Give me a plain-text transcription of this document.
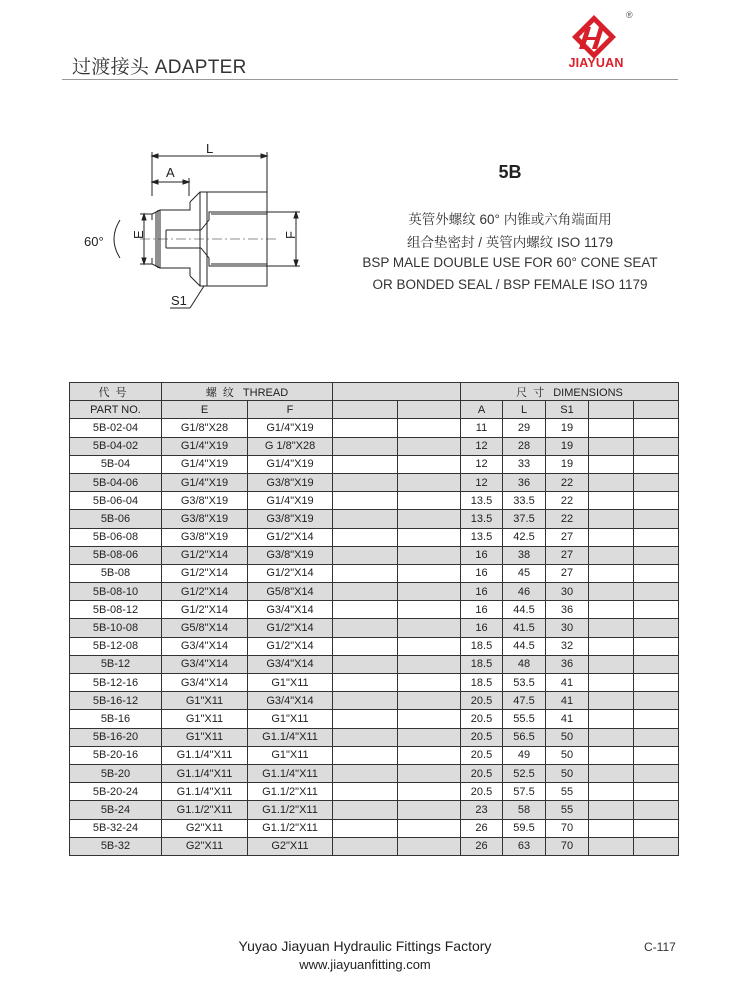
过渡接头 ADAPTER
®
JIAYUAN
L
A
E	F
60°
S1
5B
英管外螺纹 60° 内锥或六角端面用
组合垫密封 / 英管内螺纹 ISO 1179
BSP MALE DOUBLE USE FOR 60° CONE SEAT
OR BONDED SEAL / BSP FEMALE ISO 1179
代号	螺纹 THREAD				尺寸 DIMENSIONS				
PART NO.	E	F			A	L	S1		
5B-02-04	G1/8"X28	G1/4"X19			11	29	19		
5B-04-02	G1/4"X19	G 1/8"X28			12	28	19		
5B-04	G1/4"X19	G1/4"X19			12	33	19		
5B-04-06	G1/4"X19	G3/8"X19			12	36	22		
5B-06-04	G3/8"X19	G1/4"X19			13.5	33.5	22		
5B-06	G3/8"X19	G3/8"X19			13.5	37.5	22		
5B-06-08	G3/8"X19	G1/2"X14			13.5	42.5	27		
5B-08-06	G1/2"X14	G3/8"X19			16	38	27		
5B-08	G1/2"X14	G1/2"X14			16	45	27		
5B-08-10	G1/2"X14	G5/8"X14			16	46	30		
5B-08-12	G1/2"X14	G3/4"X14			16	44.5	36		
5B-10-08	G5/8"X14	G1/2"X14			16	41.5	30		
5B-12-08	G3/4"X14	G1/2"X14			18.5	44.5	32		
5B-12	G3/4"X14	G3/4"X14			18.5	48	36		
5B-12-16	G3/4"X14	G1"X11			18.5	53.5	41		
5B-16-12	G1"X11	G3/4"X14			20.5	47.5	41		
5B-16	G1"X11	G1"X11			20.5	55.5	41		
5B-16-20	G1"X11	G1.1/4"X11			20.5	56.5	50		
5B-20-16	G1.1/4"X11	G1"X11			20.5	49	50		
5B-20	G1.1/4"X11	G1.1/4"X11			20.5	52.5	50		
5B-20-24	G1.1/4"X11	G1.1/2"X11			20.5	57.5	55		
5B-24	G1.1/2"X11	G1.1/2"X11			23	58	55		
5B-32-24	G2"X11	G1.1/2"X11			26	59.5	70		
5B-32	G2"X11	G2"X11			26	63	70		
Yuyao Jiayuan Hydraulic Fittings Factory
www.jiayuanfitting.com
C-117
